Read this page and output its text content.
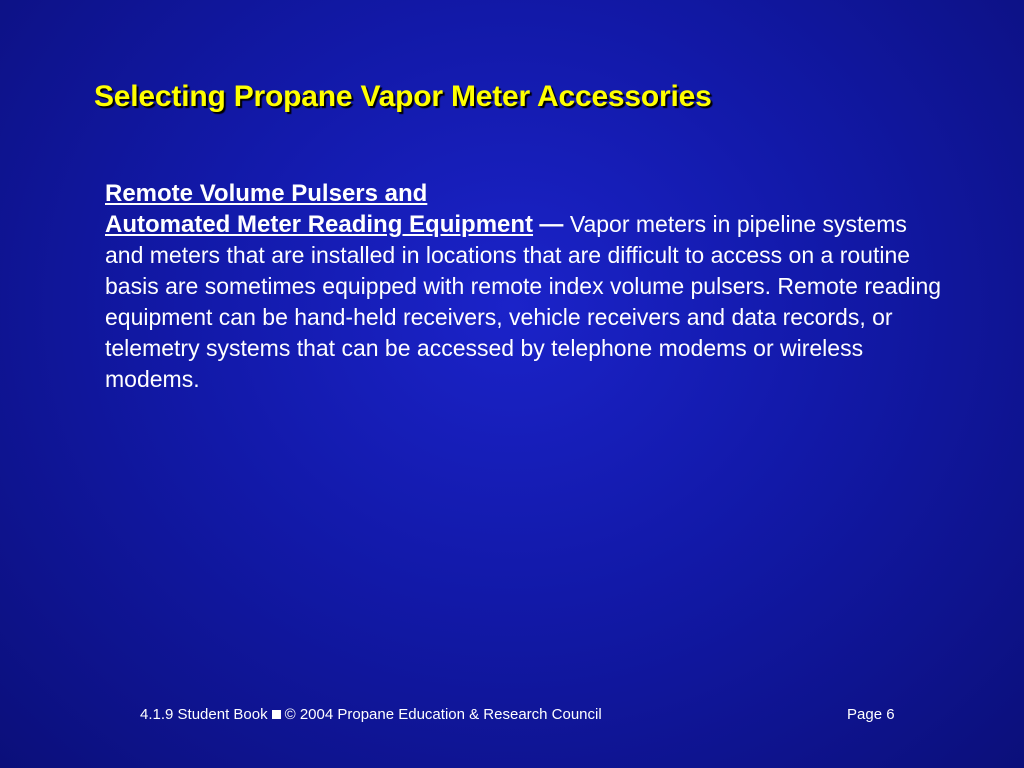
Selecting Propane Vapor Meter Accessories
Remote Volume Pulsers and
Automated Meter Reading Equipment — Vapor meters in pipeline systems and meters that are installed in locations that are difficult to access on a routine basis are sometimes equipped with remote index volume pulsers. Remote reading equipment can be hand-held receivers, vehicle receivers and data records, or telemetry systems that can be accessed by telephone modems or wireless modems.
4.1.9 Student Book © 2004 Propane Education & Research Council	Page 6
